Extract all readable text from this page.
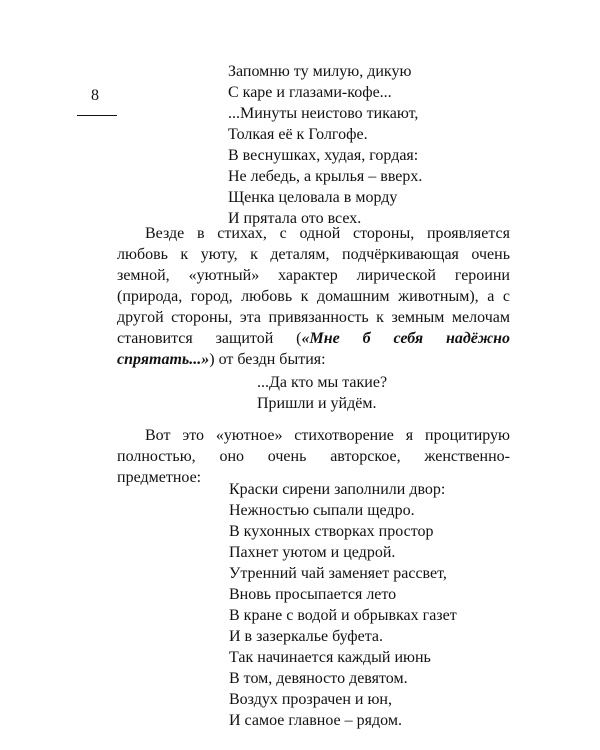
8
Запомню ту милую, дикую
С каре и глазами-кофе...
...Минуты неистово тикают,
Толкая её к Голгофе.
В веснушках, худая, гордая:
Не лебедь, а крылья – вверх.
Щенка целовала в морду
И прятала ото всех.

Везде в стихах, с одной стороны, проявляется любовь к уюту, к деталям, подчёркивающая очень земной, «уютный» характер лирической героини (природа, город, любовь к домашним животным), а с другой стороны, эта привязанность к земным мелочам становится защитой («Мне б себя надёжно спрятать...») от бездн бытия:

...Да кто мы такие?
Пришли и уйдём.

Вот это «уютное» стихотворение я процитирую полностью, оно очень авторское, женственно-предметное:

Краски сирени заполнили двор:
Нежностью сыпали щедро.
В кухонных створках простор
Пахнет уютом и цедрой.
Утренний чай заменяет рассвет,
Вновь просыпается лето
В кране с водой и обрывках газет
И в зазеркалье буфета.
Так начинается каждый июнь
В том, девяносто девятом.
Воздух прозрачен и юн,
И самое главное – рядом.
